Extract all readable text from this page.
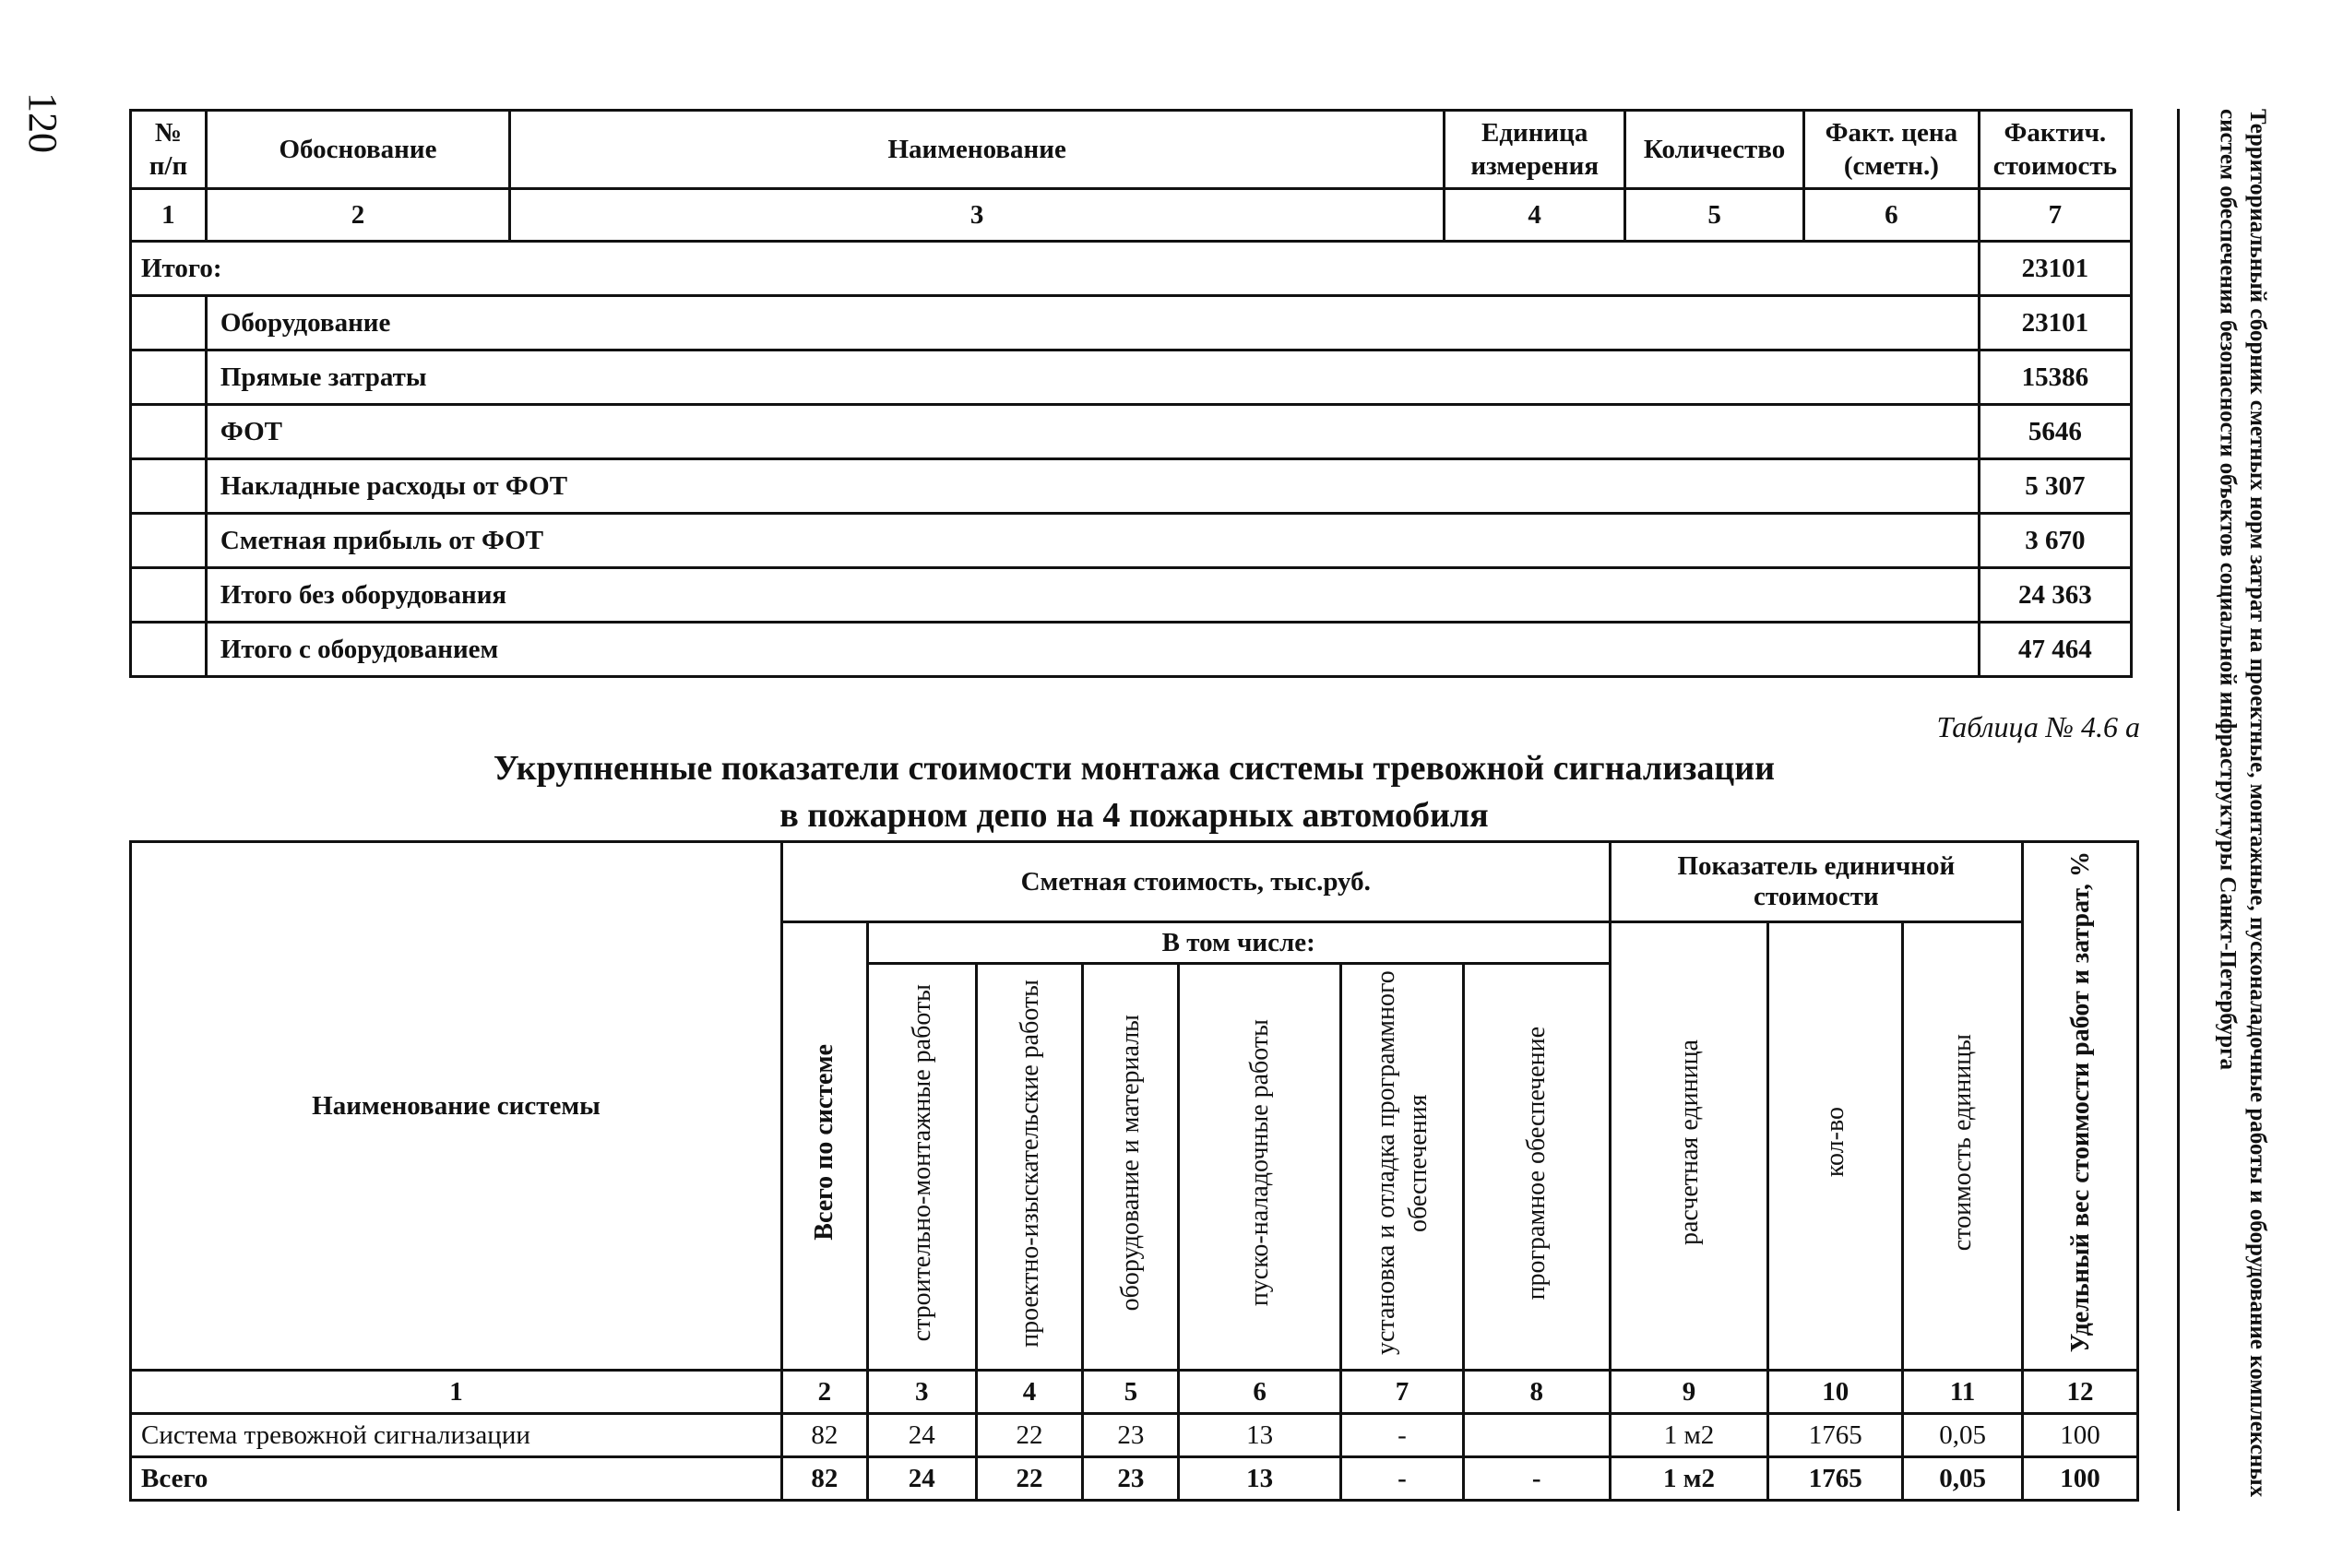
120	Территориальный сборник сметных норм затрат на проектные, монтажные, пусконаладочные работы и оборудование комплексных систем обеспечения безопасности объектов социальной инфраструктуры Санкт-Петербурга
№ п/п	Обоснование	Наименование	Единица измерения	Количество	Факт. цена (сметн.)	Фактич. стоимость
1	2	3	4	5	6	7
Итого:						23101
	Оборудование					23101
	Прямые затраты					15386
	ФОТ					5646
	Накладные расходы от ФОТ					5 307
	Сметная прибыль от ФОТ					3 670
	Итого без оборудования					24 363
	Итого с оборудованием					47 464
Таблица № 4.6 а
Укрупненные показатели стоимости монтажа системы тревожной сигнализации
в пожарном депо на 4 пожарных автомобиля
Наименование системы	Сметная стоимость, тыс.руб.							Показатель единичной стоимости			Удельный вес стоимости работ и затрат, %
	Всего по системе	В том числе:						расчетная единица	кол-во	стоимость единицы	
		строительно-монтажные работы	проектно-изыскательские работы	оборудование и материалы	пуско-наладочные работы	установка и отладка программного обеспечения	програмное обеспечение				
1	2	3	4	5	6	7	8	9	10	11	12
Система тревожной сигнализации	82	24	22	23	13	-		1 м2	1765	0,05	100
Всего	82	24	22	23	13	-	-	1 м2	1765	0,05	100
